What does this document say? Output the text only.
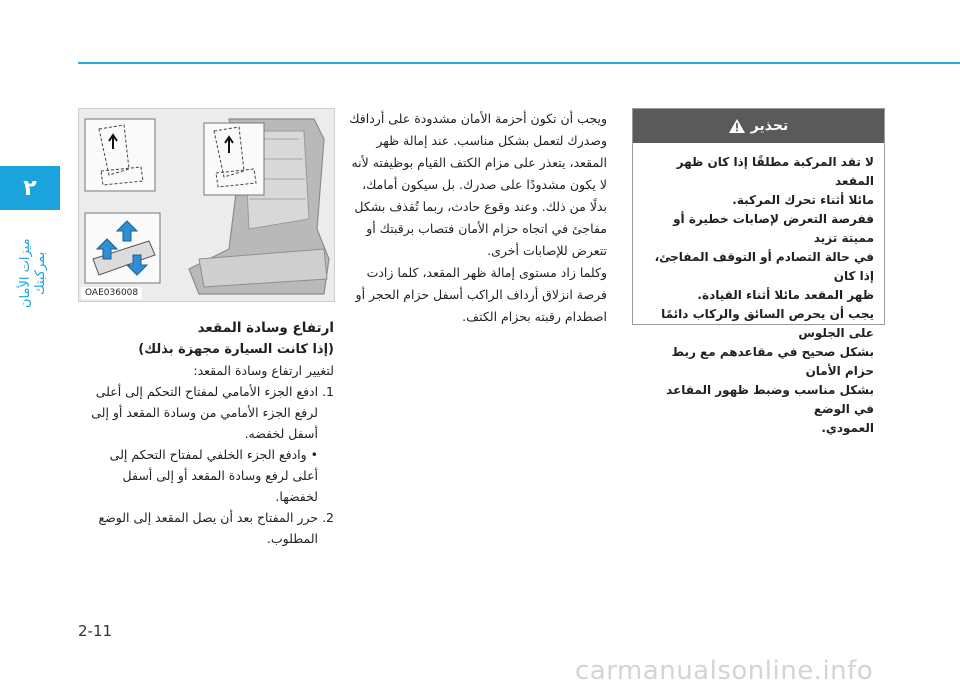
٢
ميزات الأمان بمركبتك	OAE036008

ارتفاع وسادة المقعد

(إذا كانت السيارة مجهزة بذلك)

لتغيير ارتفاع وسادة المقعد:

1. ادفع الجزء الأمامي لمفتاح التحكم إلى أعلى

لرفع الجزء الأمامي من وسادة المقعد أو إلى

أسفل لخفضه.

• وادفع الجزء الخلفي لمفتاح التحكم إلى

أعلى لرفع وسادة المقعد أو إلى أسفل

لخفضها.

2. حرر المفتاح بعد أن يصل المقعد إلى الوضع

المطلوب.

ويجب أن تكون أحزمة الأمان مشدودة على أردافك

وصدرك لتعمل بشكل مناسب. عند إمالة ظهر

المقعد، يتعذر على مزام الكتف القيام بوظيفته لأنه

لا يكون مشدودًا على صدرك. بل سيكون أمامك،

بدلًا من ذلك. وعند وقوع حادث، ربما تُقذف بشكل

مفاجئ في اتجاه حزام الأمان فتصاب برقبتك أو

تتعرض للإصابات أخرى.

وكلما زاد مستوى إمالة ظهر المقعد، كلما زادت

فرصة انزلاق أرداف الراكب أسفل حزام الحجر أو

اصطدام رقبته بحزام الكتف.

تحذير

لا تقد المركبة مطلقًا إذا كان ظهر المقعد

مائلا أثناء تحرك المركبة.

ففرصة التعرض لإصابات خطيرة أو مميتة تزيد

في حالة التصادم أو التوقف المفاجئ، إذا كان

ظهر المقعد مائلا أثناء القيادة.

يجب أن يحرص السائق والركاب دائمًا على الجلوس

بشكل صحيح في مقاعدهم مع ربط حزام الأمان

بشكل مناسب وضبط ظهور المقاعد في الوضع

العمودي.

2-11
carmanualsonline.info
